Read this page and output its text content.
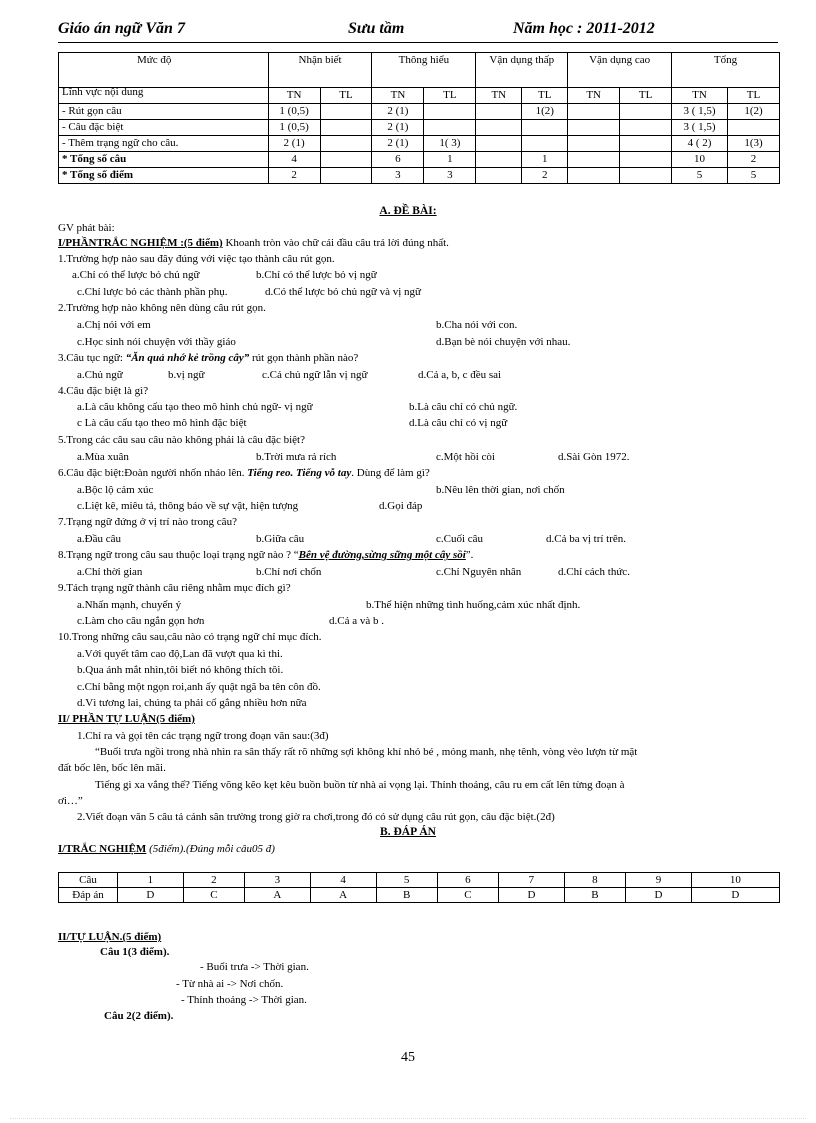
Giáo án ngữ Văn 7	Sưu tầm	Năm học : 2011-2012
Mức độ
Lĩnh vực nội dung	Nhận biết		Thông hiểu		Vận dụng thấp		Vận dụng cao		Tổng	

	TN	TL	TN	TL	TN	TL	TN	TL	TN	TL
- Rút gọn câu	1 (0,5)		2 (1)			1(2)			3 ( 1,5)	1(2)
- Câu đặc biệt	1 (0,5)		2 (1)						3 ( 1,5)	
- Thêm trạng ngữ cho câu.	2 (1)		2 (1)	1( 3)					4 ( 2)	1(3)
* Tổng số câu	4		6	1		1			10	2
* Tổng số điểm	2		3	3		2			5	5
A. ĐỀ BÀI:
GV phát bài:
I/PHẦNTRẮC NGHIỆM :(5 điểm) Khoanh tròn vào chữ cái đầu câu trả lời đúng nhất.
1.Trường hợp nào sau đây đúng với việc tạo thành câu rút gọn.
a.Chỉ có thể lược bỏ chủ ngữ	b.Chỉ có thể lược bỏ vị ngữ
c.Chỉ lược bỏ các thành phần phụ.	d.Có thể lược bỏ chủ ngữ và vị ngữ
2.Trường hợp nào không nên dùng câu rút gọn.
a.Chị nói với em	b.Cha nói với con.
c.Học sinh nói chuyện với thầy giáo	d.Bạn bè nói chuyện với nhau.
3.Câu tục ngữ: “Ăn quả nhớ kẻ trồng cây” rút gọn thành phần nào?
a.Chủ ngữ	b.vị ngữ	c.Cả chủ ngữ lẫn vị ngữ	d.Cả a, b, c đều sai
4.Câu đặc biệt là gì?
a.Là câu không cấu tạo theo mô hình chủ ngữ- vị ngữ	b.Là câu chỉ có chủ ngữ.
c Là câu cấu tạo theo mô hình đặc biệt	d.Là câu chỉ có vị ngữ
5.Trong các câu sau câu nào không phải là câu đặc biệt?
a.Mùa xuân	b.Trời mưa rả rích	c.Một hồi còi	d.Sài Gòn 1972.
6.Câu đặc biệt:Đoàn người nhốn nháo lên. Tiếng reo. Tiếng vỗ tay. Dùng để làm gì?
a.Bộc lộ cảm xúc	b.Nêu lên thời gian, nơi chốn
c.Liệt kê, miêu tả, thông báo về sự vật, hiện tượng	d.Gọi đáp
7.Trạng ngữ đứng ở vị trí nào trong câu?
a.Đầu câu	b.Giữa câu	c.Cuối câu	d.Cả ba vị trí trên.
8.Trạng ngữ trong câu sau thuộc loại trạng ngữ nào ? “Bên vệ đường,sừng sững một cây sồi”.
a.Chỉ thời gian	b.Chỉ nơi chốn	c.Chỉ Nguyên nhân	d.Chỉ cách thức.
9.Tách trạng ngữ thành câu riêng nhằm mục đích gì?
a.Nhấn mạnh, chuyển ý	b.Thể hiện những tình huống,cảm xúc nhất định.
c.Làm cho câu ngắn gọn hơn	d.Cả a và b .
10.Trong những câu sau,câu nào có trạng ngữ chỉ mục đích.
a.Với quyết tâm cao độ,Lan đã vượt qua kì thi.
b.Qua ánh mắt nhìn,tôi biết nó không thích tôi.
c.Chỉ bằng một ngọn roi,anh ấy quật ngã ba tên côn đồ.
d.Vì tương lai, chúng ta phải cố gắng nhiều hơn nữa
II/ PHẦN TỰ LUẬN(5 điểm)
1.Chỉ ra và gọi tên các trạng ngữ trong đoạn văn sau:(3đ)
“Buổi trưa ngồi trong nhà nhìn ra sân thấy rất rõ những sợi không khí nhỏ bé , mỏng manh, nhẹ tênh, vòng vèo lượn từ mặt
đất bốc lên, bốc lên mãi.
Tiếng gì xa vắng thế? Tiếng võng kẽo kẹt kêu buồn buồn từ nhà ai vọng lại. Thỉnh thoảng, câu ru em cất lên từng đoạn à
ơi…”
2.Viết đoạn văn 5 câu tả cảnh sân trường trong giờ ra chơi,trong đó có sử dụng câu rút gọn, câu đặc biệt.(2đ)
B. ĐÁP ÁN
I/TRẮC NGHIỆM (5điểm).(Đúng mỗi câu05 đ)
Câu	1	2	3	4	5	6	7	8	9	10
Đáp án	D	C	A	A	B	C	D	B	D	D
II/TỰ LUẬN.(5 điểm)
Câu 1(3 điểm).
- Buổi trưa -> Thời gian.
- Từ nhà ai -> Nơi chốn.
- Thỉnh thoảng -> Thời gian.
Câu 2(2 điểm).
45
